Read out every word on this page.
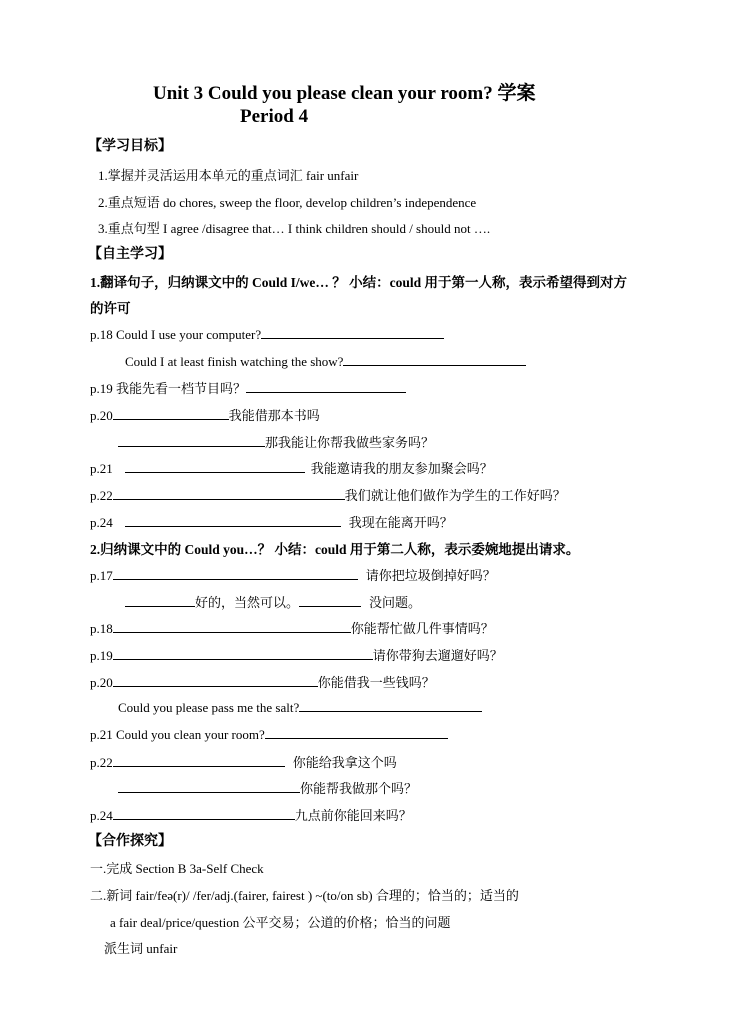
Unit 3 Could you please clean your room? 学案
Period 4
【学习目标】
1.掌握并灵活运用本单元的重点词汇 fair unfair
2.重点短语 do chores, sweep the floor, develop children’s independence
3.重点句型 I agree /disagree that… I think children should / should not ….
【自主学习】
1.翻译句子，归纳课文中的 Could I/we… ？ 小结：could 用于第一人称，表示希望得到对方
的许可
p.18 Could I use your computer?
Could I at least finish watching the show?
p.19 我能先看一档节目吗？
p.20	我能借那本书吗
那我能让你帮我做些家务吗？
p.21	我能邀请我的朋友参加聚会吗？
p.22	我们就让他们做作为学生的工作好吗？
p.24	我现在能离开吗？
2.归纳课文中的 Could you…？ 小结：could 用于第二人称，表示委婉地提出请求。
p.17	请你把垃圾倒掉好吗？
好的，当然可以。	没问题。
p.18	你能帮忙做几件事情吗？
p.19	请你带狗去遛遛好吗？
p.20	你能借我一些钱吗？
Could you please pass me the salt?
p.21 Could you clean your room?
p.22	你能给我拿这个吗
你能帮我做那个吗？
p.24	九点前你能回来吗？
【合作探究】
一.完成 Section B 3a-Self Check
二.新词 fair/feə(r)/ /fer/adj.(fairer, fairest ) ~(to/on sb) 合理的；恰当的；适当的
a fair deal/price/question 公平交易；公道的价格；恰当的问题
派生词 unfair
